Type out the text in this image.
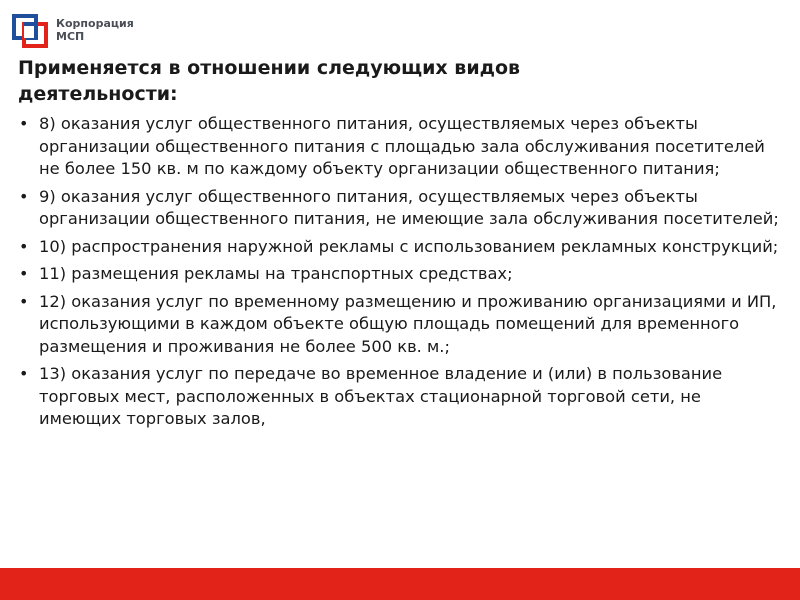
Корпорация
МСП
Применяется в отношении следующих видов деятельности:
• 8) оказания услуг общественного питания, осуществляемых через объекты организации общественного питания с площадью зала обслуживания посетителей не более 150 кв. м по каждому объекту организации общественного питания;
• 9) оказания услуг общественного питания, осуществляемых через объекты организации общественного питания, не имеющие зала обслуживания посетителей;
• 10) распространения наружной рекламы с использованием рекламных конструкций;
• 11) размещения рекламы на транспортных средствах;
• 12) оказания услуг по временному размещению и проживанию организациями и ИП, использующими в каждом объекте общую площадь помещений для временного размещения и проживания не более 500 кв. м.;
• 13) оказания услуг по передаче во временное владение и (или) в пользование торговых мест, расположенных в объектах стационарной торговой сети, не имеющих торговых залов,
